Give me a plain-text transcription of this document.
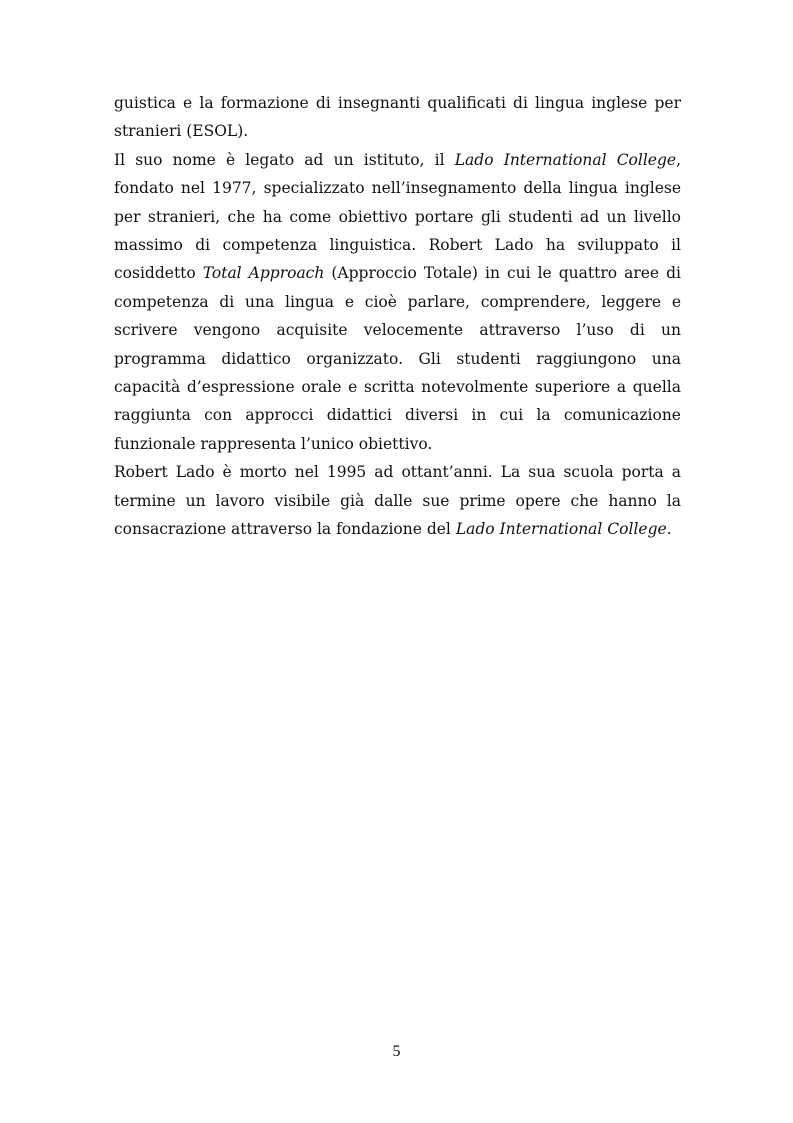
guistica e la formazione di insegnanti qualificati di lingua inglese per stranieri (ESOL).

Il suo nome è legato ad un istituto, il Lado International College, fondato nel 1977, specializzato nell’insegnamento della lingua inglese per stranieri, che ha come obiettivo portare gli studenti ad un livello massimo di competenza linguistica. Robert Lado ha sviluppato il cosiddetto Total Approach (Approccio Totale) in cui le quattro aree di competenza di una lingua e cioè parlare, comprendere, leggere e scrivere vengono acquisite velocemente attraverso l’uso di un programma didattico organizzato. Gli studenti raggiungono una capacità d’espressione orale e scritta notevolmente superiore a quella raggiunta con approcci didattici diversi in cui la comunicazione funzionale rappresenta l’unico obiettivo.

Robert Lado è morto nel 1995 ad ottant’anni. La sua scuola porta a termine un lavoro visibile già dalle sue prime opere che hanno la consacrazione attraverso la fondazione del Lado International College.

5
